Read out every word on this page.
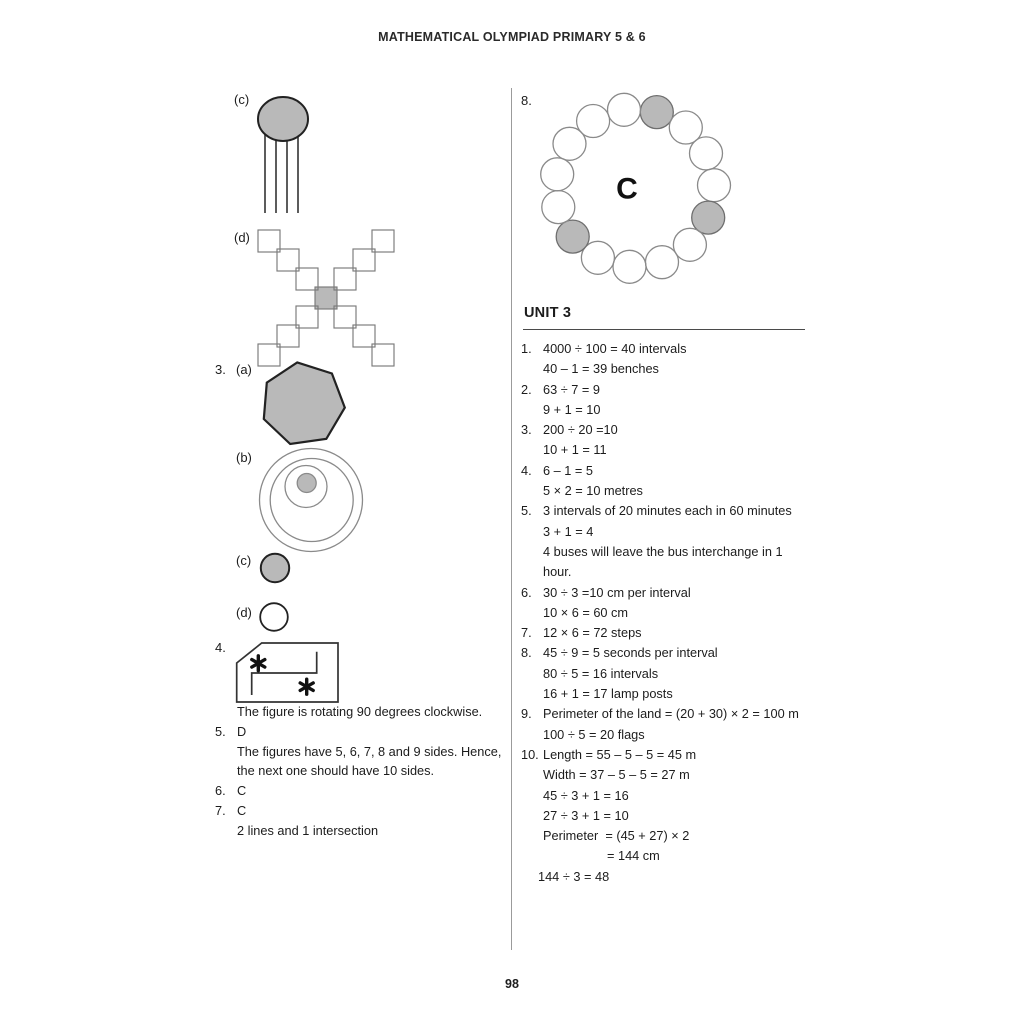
MATHEMATICAL OLYMPIAD PRIMARY 5 & 6
(c)
(d)
3. (a)
(b)
(c)
(d)
4.
The figure is rotating 90 degrees clockwise.
5. D
The figures have 5, 6, 7, 8 and 9 sides. Hence,
the next one should have 10 sides.
6. C
7. C
2 lines and 1 intersection
8.
C
UNIT 3
1. 4000 ÷ 100 = 40 intervals
40 – 1 = 39 benches
2. 63 ÷ 7 = 9
9 + 1 = 10
3. 200 ÷ 20 =10
10 + 1 = 11
4. 6 – 1 = 5
5 × 2 = 10 metres
5. 3 intervals of 20 minutes each in 60 minutes
3 + 1 = 4
4 buses will leave the bus interchange in 1
hour.
6. 30 ÷ 3 =10 cm per interval
10 × 6 = 60 cm
7. 12 × 6 = 72 steps
8. 45 ÷ 9 = 5 seconds per interval
80 ÷ 5 = 16 intervals
16 + 1 = 17 lamp posts
9. Perimeter of the land = (20 + 30) × 2 = 100 m
100 ÷ 5 = 20 flags
10. Length = 55 – 5 – 5 = 45 m
Width = 37 – 5 – 5 = 27 m
45 ÷ 3 + 1 = 16
27 ÷ 3 + 1 = 10
Perimeter  = (45 + 27) × 2
= 144 cm
144 ÷ 3 = 48
98
